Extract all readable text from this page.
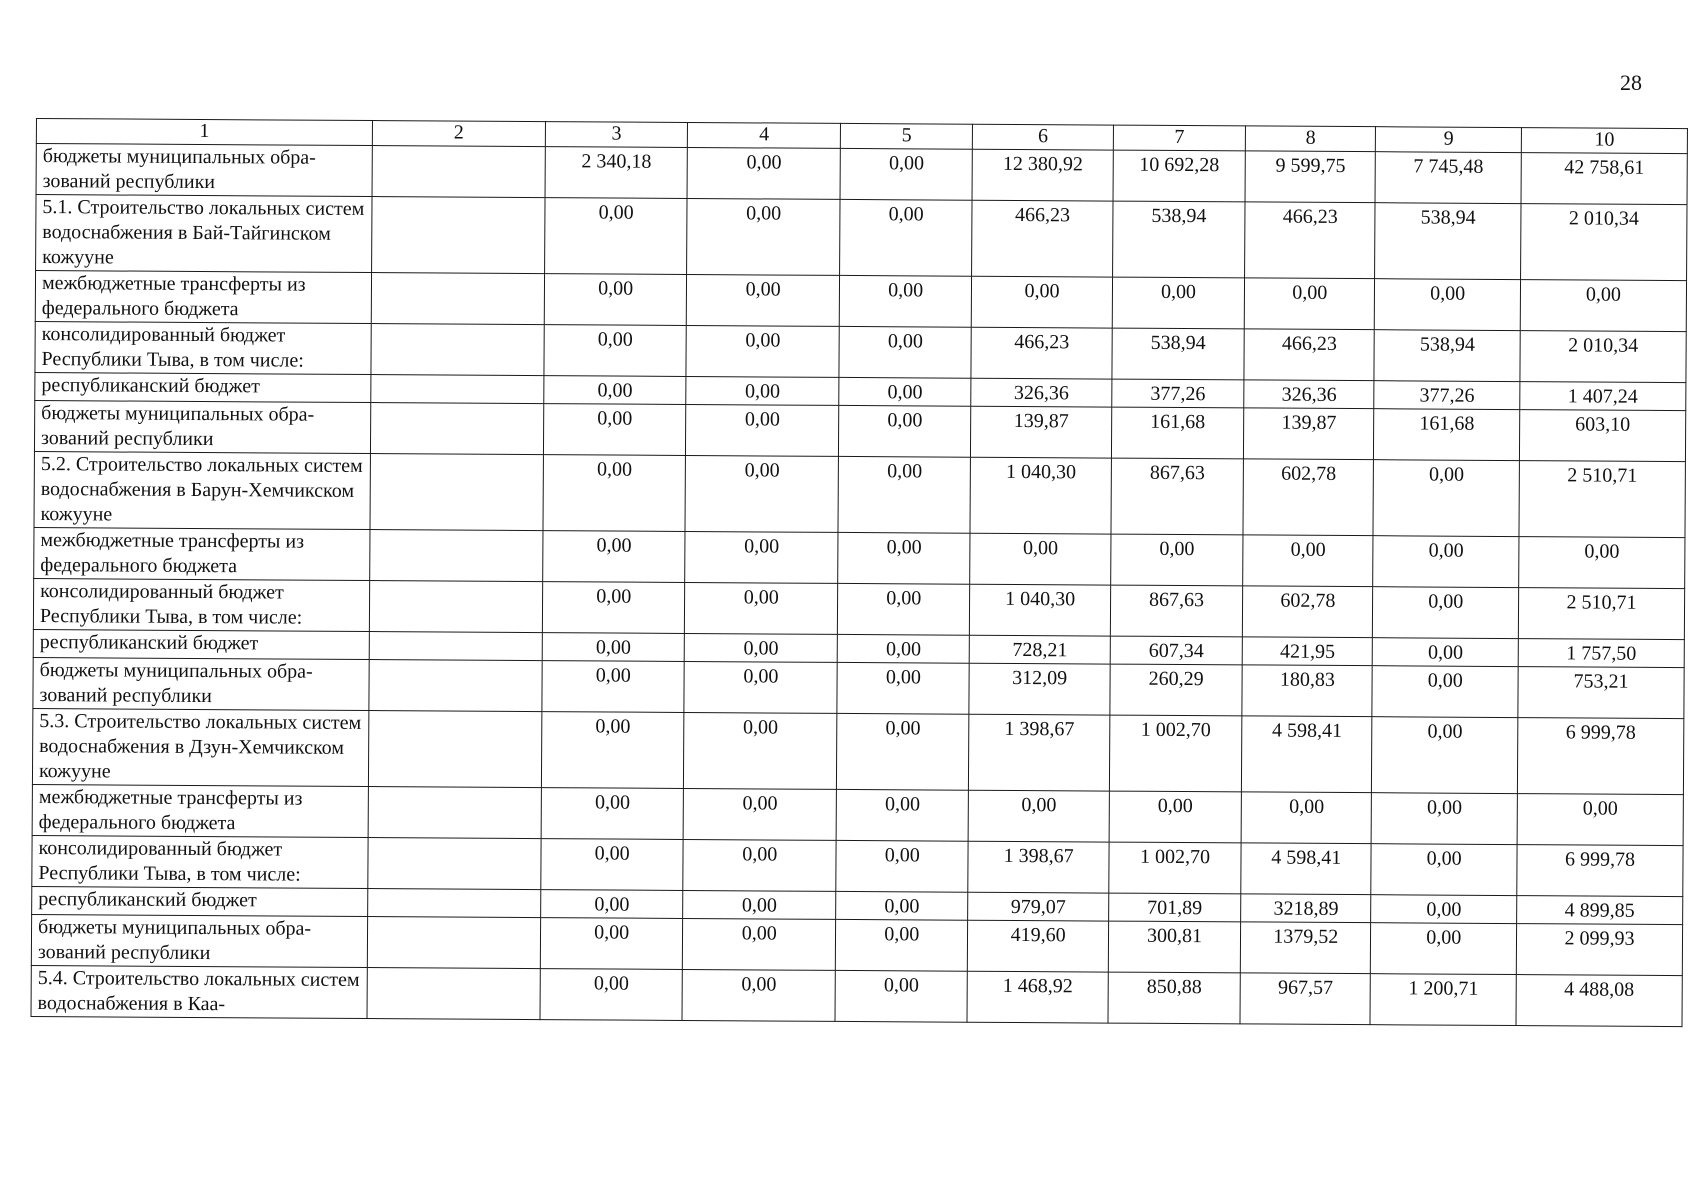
28
1	2	3	4	5	6	7	8	9	10
бюджеты муниципальных обра-зований республики		2 340,18	0,00	0,00	12 380,92	10 692,28	9 599,75	7 745,48	42 758,61
5.1. Строительство локальных систем водоснабжения в Бай-Тайгинском кожууне		0,00	0,00	0,00	466,23	538,94	466,23	538,94	2 010,34
межбюджетные трансферты из федерального бюджета		0,00	0,00	0,00	0,00	0,00	0,00	0,00	0,00
консолидированный бюджет Республики Тыва, в том числе:		0,00	0,00	0,00	466,23	538,94	466,23	538,94	2 010,34
республиканский бюджет		0,00	0,00	0,00	326,36	377,26	326,36	377,26	1 407,24
бюджеты муниципальных обра-зований республики		0,00	0,00	0,00	139,87	161,68	139,87	161,68	603,10
5.2. Строительство локальных систем водоснабжения в Барун-Хемчикском кожууне		0,00	0,00	0,00	1 040,30	867,63	602,78	0,00	2 510,71
межбюджетные трансферты из федерального бюджета		0,00	0,00	0,00	0,00	0,00	0,00	0,00	0,00
консолидированный бюджет Республики Тыва, в том числе:		0,00	0,00	0,00	1 040,30	867,63	602,78	0,00	2 510,71
республиканский бюджет		0,00	0,00	0,00	728,21	607,34	421,95	0,00	1 757,50
бюджеты муниципальных обра-зований республики		0,00	0,00	0,00	312,09	260,29	180,83	0,00	753,21
5.3. Строительство локальных систем водоснабжения в Дзун-Хемчикском кожууне		0,00	0,00	0,00	1 398,67	1 002,70	4 598,41	0,00	6 999,78
межбюджетные трансферты из федерального бюджета		0,00	0,00	0,00	0,00	0,00	0,00	0,00	0,00
консолидированный бюджет Республики Тыва, в том числе:		0,00	0,00	0,00	1 398,67	1 002,70	4 598,41	0,00	6 999,78
республиканский бюджет		0,00	0,00	0,00	979,07	701,89	3218,89	0,00	4 899,85
бюджеты муниципальных обра-зований республики		0,00	0,00	0,00	419,60	300,81	1379,52	0,00	2 099,93
5.4. Строительство локальных систем водоснабжения в Каа-		0,00	0,00	0,00	1 468,92	850,88	967,57	1 200,71	4 488,08
